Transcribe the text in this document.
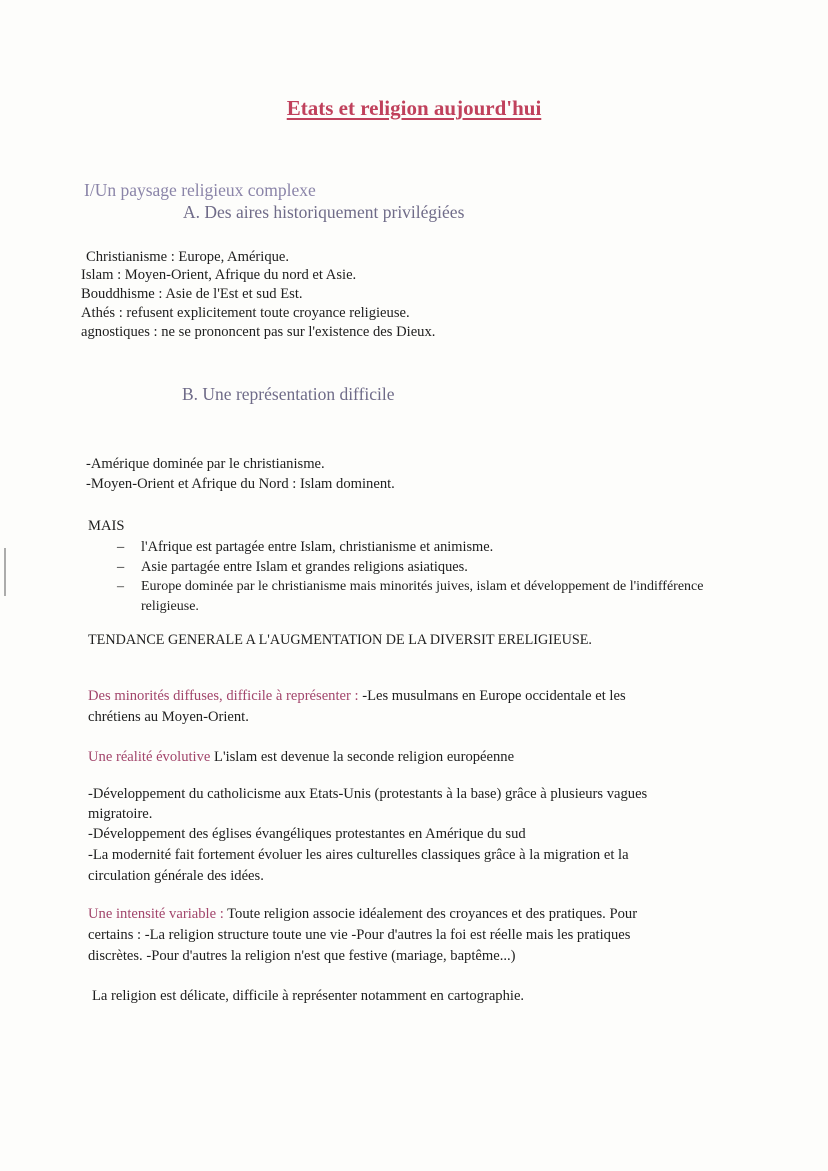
Etats et religion aujourd'hui
I/Un paysage religieux complexe
A. Des aires historiquement privilégiées
Christianisme : Europe, Amérique.
Islam : Moyen-Orient, Afrique du nord et Asie.
Bouddhisme : Asie de l'Est et sud Est.
Athés : refusent explicitement toute croyance religieuse.
agnostiques : ne se prononcent pas sur l'existence des Dieux.
B. Une représentation difficile
-Amérique dominée par le christianisme.
-Moyen-Orient et Afrique du Nord : Islam dominent.
MAIS
– l'Afrique est partagée entre Islam, christianisme et animisme.
– Asie partagée entre Islam et grandes religions asiatiques.
– Europe dominée par le christianisme mais minorités juives, islam et développement de l'indifférence religieuse.
TENDANCE GENERALE A L'AUGMENTATION DE LA DIVERSIT ERELIGIEUSE.
Des minorités diffuses, difficile à représenter : -Les musulmans en Europe occidentale et les
chrétiens au Moyen-Orient.
Une réalité évolutive L'islam est devenue la seconde religion européenne
-Développement du catholicisme aux Etats-Unis (protestants à la base) grâce à plusieurs vagues
migratoire.
-Développement des églises évangéliques protestantes en Amérique du sud
-La modernité fait fortement évoluer les aires culturelles classiques grâce à la migration et la
circulation générale des idées.
Une intensité variable : Toute religion associe idéalement des croyances et des pratiques. Pour
certains : -La religion structure toute une vie -Pour d'autres la foi est réelle mais les pratiques
discrètes. -Pour d'autres la religion n'est que festive (mariage, baptême...)
La religion est délicate, difficile à représenter notamment en cartographie.
